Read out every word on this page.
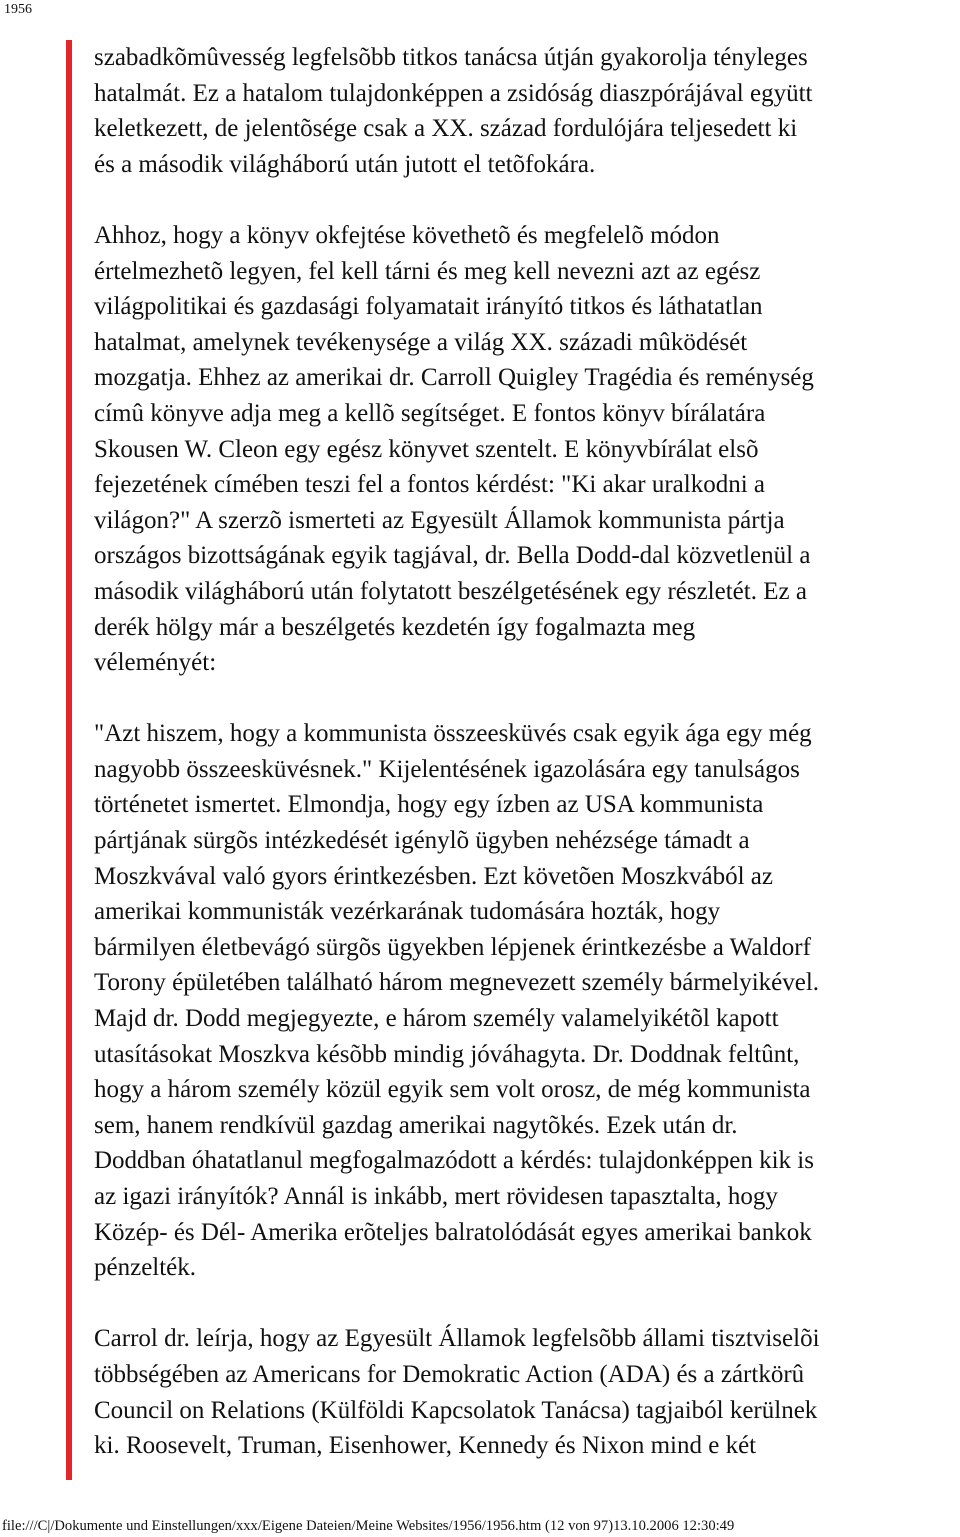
1956

szabadkõmûvesség legfelsõbb titkos tanácsa útján gyakorolja tényleges

hatalmát. Ez a hatalom tulajdonképpen a zsidóság diaszpórájával együtt

keletkezett, de jelentõsége csak a XX. század fordulójára teljesedett ki

és a második világháború után jutott el tetõfokára.

Ahhoz, hogy a könyv okfejtése követhetõ és megfelelõ módon

értelmezhetõ legyen, fel kell tárni és meg kell nevezni azt az egész

világpolitikai és gazdasági folyamatait irányító titkos és láthatatlan

hatalmat, amelynek tevékenysége a világ XX. századi mûködését

mozgatja. Ehhez az amerikai dr. Carroll Quigley Tragédia és reménység

címû könyve adja meg a kellõ segítséget. E fontos könyv bírálatára

Skousen W. Cleon egy egész könyvet szentelt. E könyvbírálat elsõ

fejezetének címében teszi fel a fontos kérdést: "Ki akar uralkodni a

világon?" A szerzõ ismerteti az Egyesült Államok kommunista pártja

országos bizottságának egyik tagjával, dr. Bella Dodd-dal közvetlenül a

második világháború után folytatott beszélgetésének egy részletét. Ez a

derék hölgy már a beszélgetés kezdetén így fogalmazta meg

véleményét:

"Azt hiszem, hogy a kommunista összeesküvés csak egyik ága egy még

nagyobb összeesküvésnek." Kijelentésének igazolására egy tanulságos

történetet ismertet. Elmondja, hogy egy ízben az USA kommunista

pártjának sürgõs intézkedését igénylõ ügyben nehézsége támadt a

Moszkvával való gyors érintkezésben. Ezt követõen Moszkvából az

amerikai kommunisták vezérkarának tudomására hozták, hogy

bármilyen életbevágó sürgõs ügyekben lépjenek érintkezésbe a Waldorf

Torony épületében található három megnevezett személy bármelyikével.

Majd dr. Dodd megjegyezte, e három személy valamelyikétõl kapott

utasításokat Moszkva késõbb mindig jóváhagyta. Dr. Doddnak feltûnt,

hogy a három személy közül egyik sem volt orosz, de még kommunista

sem, hanem rendkívül gazdag amerikai nagytõkés. Ezek után dr.

Doddban óhatatlanul megfogalmazódott a kérdés: tulajdonképpen kik is

az igazi irányítók? Annál is inkább, mert rövidesen tapasztalta, hogy

Közép- és Dél- Amerika erõteljes balratolódását egyes amerikai bankok

pénzelték.

Carrol dr. leírja, hogy az Egyesült Államok legfelsõbb állami tisztviselõi

többségében az Americans for Demokratic Action (ADA) és a zártkörû

Council on Relations (Külföldi Kapcsolatok Tanácsa) tagjaiból kerülnek

ki. Roosevelt, Truman, Eisenhower, Kennedy és Nixon mind e két

file:///C|/Dokumente und Einstellungen/xxx/Eigene Dateien/Meine Websites/1956/1956.htm (12 von 97)13.10.2006 12:30:49
